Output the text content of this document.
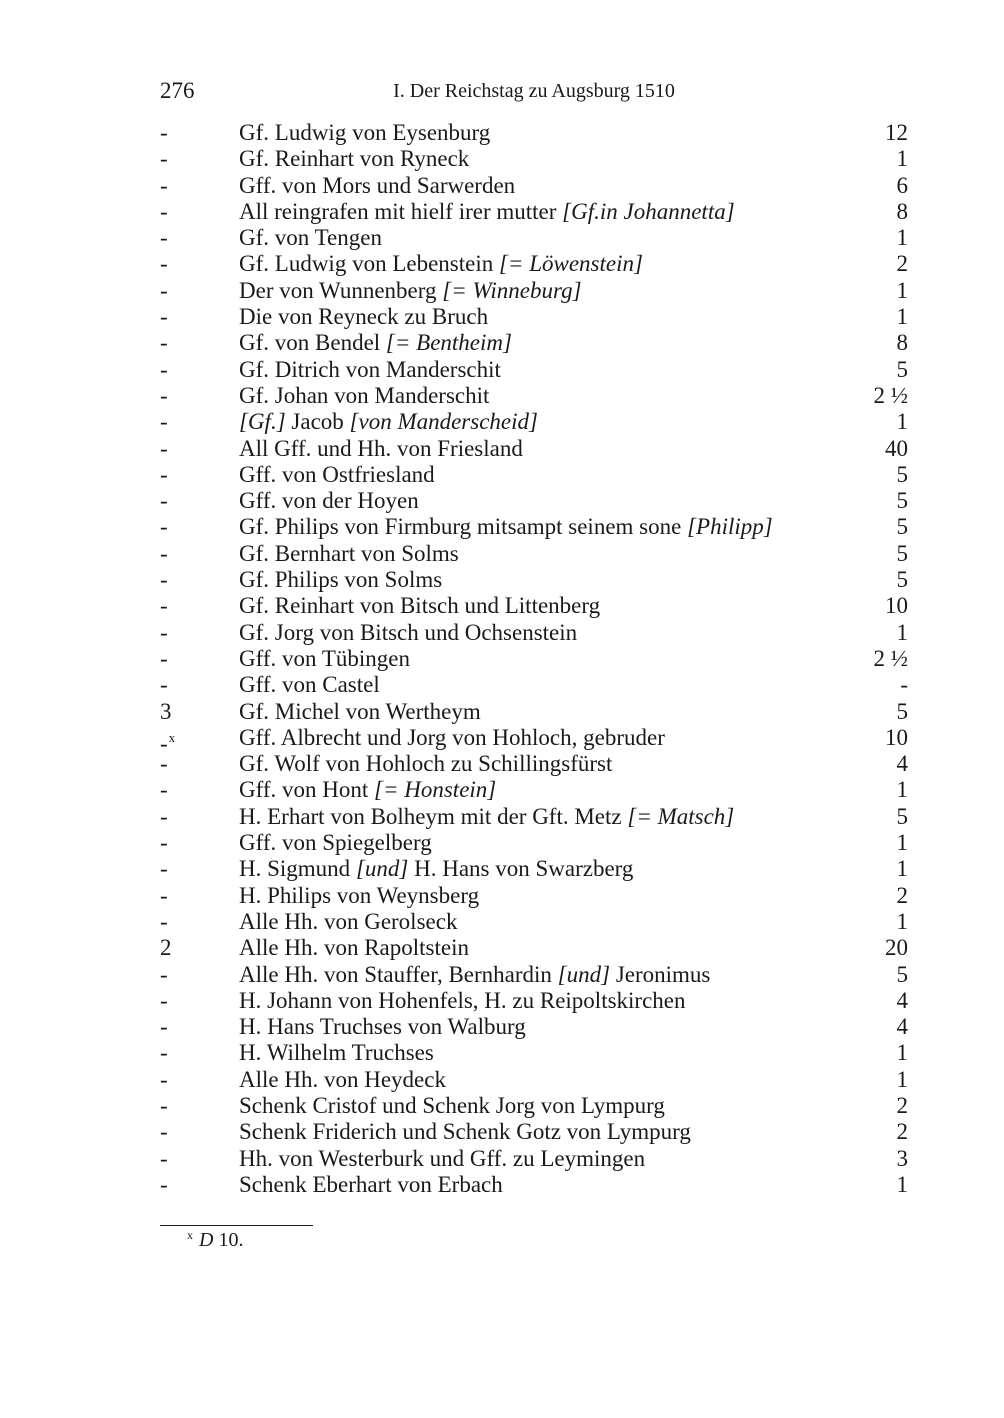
276	I. Der Reichstag zu Augsburg 1510
-	Gf. Ludwig von Eysenburg	12
-	Gf. Reinhart von Ryneck	1
-	Gff. von Mors und Sarwerden	6
-	All reingrafen mit hielf irer mutter [Gf.in Johannetta]	8
-	Gf. von Tengen	1
-	Gf. Ludwig von Lebenstein [= Löwenstein]	2
-	Der von Wunnenberg [= Winneburg]	1
-	Die von Reyneck zu Bruch	1
-	Gf. von Bendel [= Bentheim]	8
-	Gf. Ditrich von Manderschit	5
-	Gf. Johan von Manderschit	2 ½
-	[Gf.] Jacob [von Manderscheid]	1
-	All Gff. und Hh. von Friesland	40
-	Gff. von Ostfriesland	5
-	Gff. von der Hoyen	5
-	Gf. Philips von Firmburg mitsampt seinem sone [Philipp]	5
-	Gf. Bernhart von Solms	5
-	Gf. Philips von Solms	5
-	Gf. Reinhart von Bitsch und Littenberg	10
-	Gf. Jorg von Bitsch und Ochsenstein	1
-	Gff. von Tübingen	2 ½
-	Gff. von Castel	-
3	Gf. Michel von Wertheym	5
-$^x$	Gff. Albrecht und Jorg von Hohloch, gebruder	10
-	Gf. Wolf von Hohloch zu Schillingsfürst	4
-	Gff. von Hont [= Honstein]	1
-	H. Erhart von Bolheym mit der Gft. Metz [= Matsch]	5
-	Gff. von Spiegelberg	1
-	H. Sigmund [und] H. Hans von Swarzberg	1
-	H. Philips von Weynsberg	2
-	Alle Hh. von Gerolseck	1
2	Alle Hh. von Rapoltstein	20
-	Alle Hh. von Stauffer, Bernhardin [und] Jeronimus	5
-	H. Johann von Hohenfels, H. zu Reipoltskirchen	4
-	H. Hans Truchses von Walburg	4
-	H. Wilhelm Truchses	1
-	Alle Hh. von Heydeck	1
-	Schenk Cristof und Schenk Jorg von Lympurg	2
-	Schenk Friderich und Schenk Gotz von Lympurg	2
-	Hh. von Westerburk und Gff. zu Leymingen	3
-	Schenk Eberhart von Erbach	1
$^x$ D 10.
